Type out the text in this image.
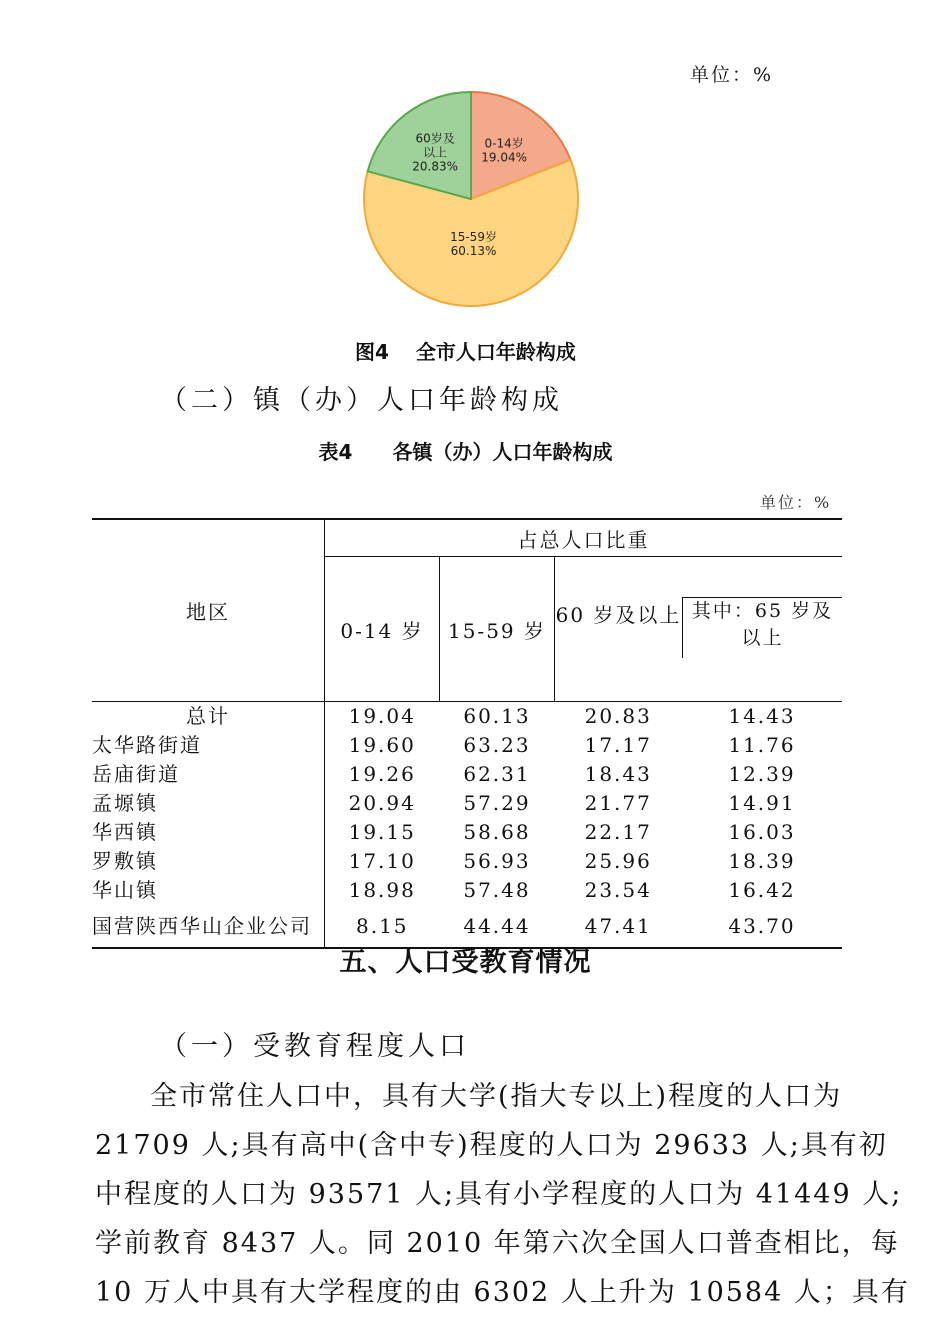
单位：%
0-14岁
19.04%
15-59岁
60.13%
60岁及
以上
20.83%
图4　 全市人口年龄构成
（二）镇（办）人口年龄构成
表4　　各镇（办）人口年龄构成
单位：%
地区	占总人口比重			
	0-14 岁	15-59 岁	60 岁及以上	其中：65 岁及以上

总计	19.04	60.13	20.83	14.43
太华路街道	19.60	63.23	17.17	11.76
岳庙街道	19.26	62.31	18.43	12.39
孟塬镇	20.94	57.29	21.77	14.91
华西镇	19.15	58.68	22.17	16.03
罗敷镇	17.10	56.93	25.96	18.39
华山镇	18.98	57.48	23.54	16.42
国营陕西华山企业公司	8.15	44.44	47.41	43.70
五、人口受教育情况
（一）受教育程度人口
全市常住人口中，具有大学(指大专以上)程度的人口为
21709 人;具有高中(含中专)程度的人口为 29633 人;具有初
中程度的人口为 93571 人;具有小学程度的人口为 41449 人;
学前教育 8437 人。同 2010 年第六次全国人口普查相比，每
10 万人中具有大学程度的由 6302 人上升为 10584 人；具有
